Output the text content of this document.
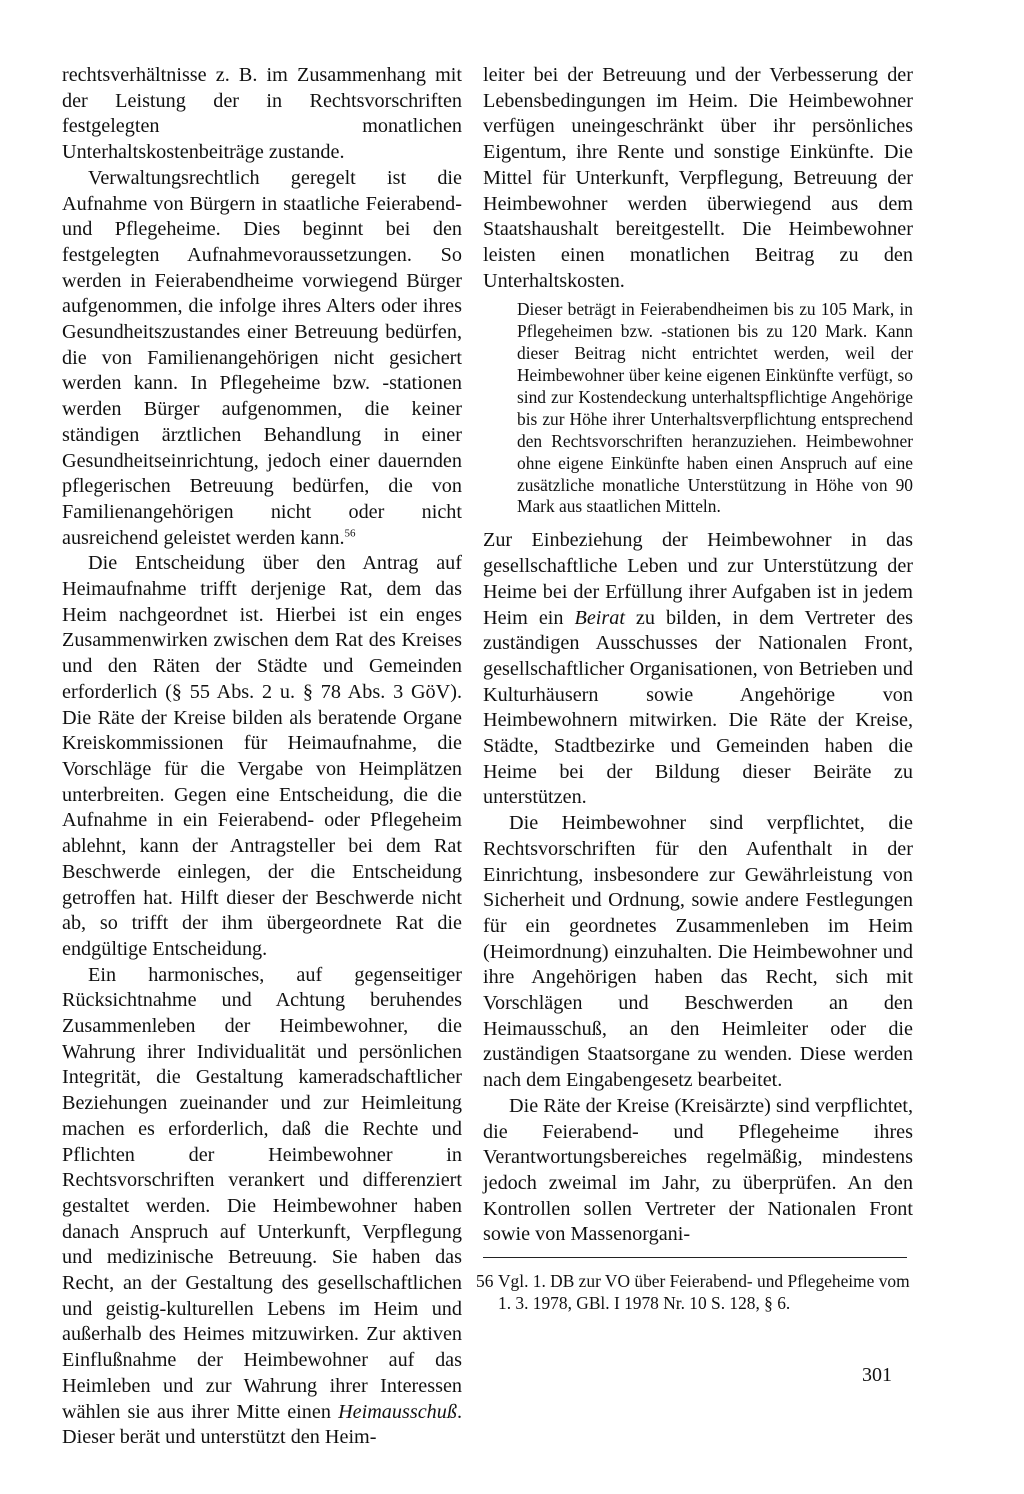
rechtsverhältnisse z. B. im Zusammenhang mit der Leistung der in Rechtsvorschriften festgelegten monatlichen Unterhaltskostenbeiträge zustande.

Verwaltungsrechtlich geregelt ist die Aufnahme von Bürgern in staatliche Feierabend- und Pflegeheime. Dies beginnt bei den festgelegten Aufnahmevoraussetzungen. So werden in Feierabendheime vorwiegend Bürger aufgenommen, die infolge ihres Alters oder ihres Gesundheitszustandes einer Betreuung bedürfen, die von Familienangehörigen nicht gesichert werden kann. In Pflegeheime bzw. -stationen werden Bürger aufgenommen, die keiner ständigen ärztlichen Behandlung in einer Gesundheitseinrichtung, jedoch einer dauernden pflegerischen Betreuung bedürfen, die von Familienangehörigen nicht oder nicht ausreichend geleistet werden kann.$^{56}$

Die Entscheidung über den Antrag auf Heimaufnahme trifft derjenige Rat, dem das Heim nachgeordnet ist. Hierbei ist ein enges Zusammenwirken zwischen dem Rat des Kreises und den Räten der Städte und Gemeinden erforderlich (§ 55 Abs. 2 u. § 78 Abs. 3 GöV). Die Räte der Kreise bilden als beratende Organe Kreiskommissionen für Heimaufnahme, die Vorschläge für die Vergabe von Heimplätzen unterbreiten. Gegen eine Entscheidung, die die Aufnahme in ein Feierabend- oder Pflegeheim ablehnt, kann der Antragsteller bei dem Rat Beschwerde einlegen, der die Entscheidung getroffen hat. Hilft dieser der Beschwerde nicht ab, so trifft der ihm übergeordnete Rat die endgültige Entscheidung.

Ein harmonisches, auf gegenseitiger Rücksichtnahme und Achtung beruhendes Zusammenleben der Heimbewohner, die Wahrung ihrer Individualität und persönlichen Integrität, die Gestaltung kameradschaftlicher Beziehungen zueinander und zur Heimleitung machen es erforderlich, daß die Rechte und Pflichten der Heimbewohner in Rechtsvorschriften verankert und differenziert gestaltet werden. Die Heimbewohner haben danach Anspruch auf Unterkunft, Verpflegung und medizinische Betreuung. Sie haben das Recht, an der Gestaltung des gesellschaftlichen und geistig-kulturellen Lebens im Heim und außerhalb des Heimes mitzuwirken. Zur aktiven Einflußnahme der Heimbewohner auf das Heimleben und zur Wahrung ihrer Interessen wählen sie aus ihrer Mitte einen Heimausschuß. Dieser berät und unterstützt den Heim-

leiter bei der Betreuung und der Verbesserung der Lebensbedingungen im Heim. Die Heimbewohner verfügen uneingeschränkt über ihr persönliches Eigentum, ihre Rente und sonstige Einkünfte. Die Mittel für Unterkunft, Verpflegung, Betreuung der Heimbewohner werden überwiegend aus dem Staatshaushalt bereitgestellt. Die Heimbewohner leisten einen monatlichen Beitrag zu den Unterhaltskosten.

Dieser beträgt in Feierabendheimen bis zu 105 Mark, in Pflegeheimen bzw. -stationen bis zu 120 Mark. Kann dieser Beitrag nicht entrichtet werden, weil der Heimbewohner über keine eigenen Einkünfte verfügt, so sind zur Kostendeckung unterhaltspflichtige Angehörige bis zur Höhe ihrer Unterhaltsverpflichtung entsprechend den Rechtsvorschriften heranzuziehen. Heimbewohner ohne eigene Einkünfte haben einen Anspruch auf eine zusätzliche monatliche Unterstützung in Höhe von 90 Mark aus staatlichen Mitteln.

Zur Einbeziehung der Heimbewohner in das gesellschaftliche Leben und zur Unterstützung der Heime bei der Erfüllung ihrer Aufgaben ist in jedem Heim ein Beirat zu bilden, in dem Vertreter des zuständigen Ausschusses der Nationalen Front, gesellschaftlicher Organisationen, von Betrieben und Kulturhäusern sowie Angehörige von Heimbewohnern mitwirken. Die Räte der Kreise, Städte, Stadtbezirke und Gemeinden haben die Heime bei der Bildung dieser Beiräte zu unterstützen.

Die Heimbewohner sind verpflichtet, die Rechtsvorschriften für den Aufenthalt in der Einrichtung, insbesondere zur Gewährleistung von Sicherheit und Ordnung, sowie andere Festlegungen für ein geordnetes Zusammenleben im Heim (Heimordnung) einzuhalten. Die Heimbewohner und ihre Angehörigen haben das Recht, sich mit Vorschlägen und Beschwerden an den Heimausschuß, an den Heimleiter oder die zuständigen Staatsorgane zu wenden. Diese werden nach dem Eingabengesetz bearbeitet.

Die Räte der Kreise (Kreisärzte) sind verpflichtet, die Feierabend- und Pflegeheime ihres Verantwortungsbereiches regelmäßig, mindestens jedoch zweimal im Jahr, zu überprüfen. An den Kontrollen sollen Vertreter der Nationalen Front sowie von Massenorgani-

56 Vgl. 1. DB zur VO über Feierabend- und Pflegeheime vom 1. 3. 1978, GBl. I 1978 Nr. 10 S. 128, § 6.
301
